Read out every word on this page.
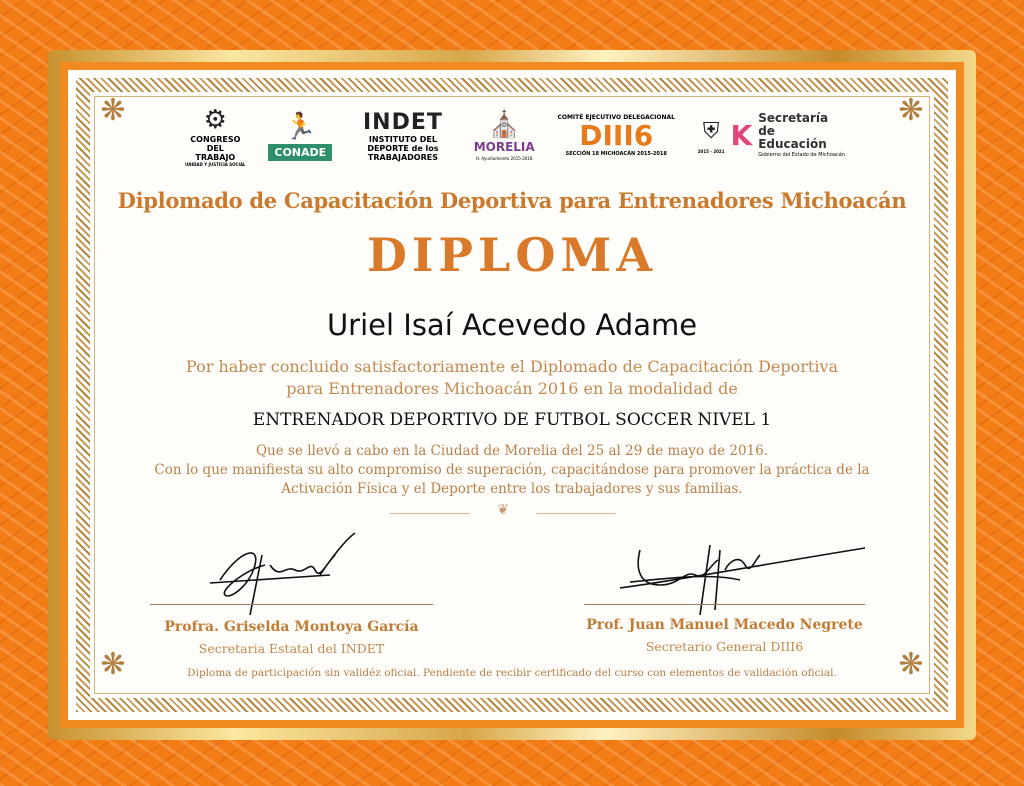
❋	❋
❋	❋
⚙
CONGRESO DEL TRABAJO
UNIDAD Y JUSTICIA SOCIAL
🏃
CONADE
INDET
INSTITUTO DEL DEPORTE de los TRABAJADORES
⛪
MORELIA
H. Ayuntamiento 2015-2018
COMITÉ EJECUTIVO DELEGACIONAL
DIII6
SECCIÓN 18 MICHOACÁN 2015-2018
⛨
2015 - 2021 K
Secretaría de Educación
Gobierno del Estado de Michoacán
Diplomado de Capacitación Deportiva para Entrenadores Michoacán
DIPLOMA
Uriel Isaí Acevedo Adame
Por haber concluido satisfactoriamente el Diplomado de Capacitación Deportiva
para Entrenadores Michoacán 2016 en la modalidad de
ENTRENADOR DEPORTIVO DE FUTBOL SOCCER NIVEL 1
Que se llevó a cabo en la Ciudad de Morelia del 25 al 29 de mayo de 2016.
Con lo que manifiesta su alto compromiso de superación, capacitándose para promover la práctica de la
Activación Física y el Deporte entre los trabajadores y sus familias.
❦
Profra. Griselda Montoya García	Prof. Juan Manuel Macedo Negrete
Secretaria Estatal del INDET	Secretario General DIII6
Diploma de participación sin validéz oficial. Pendiente de recibir certificado del curso con elementos de validación oficial.
